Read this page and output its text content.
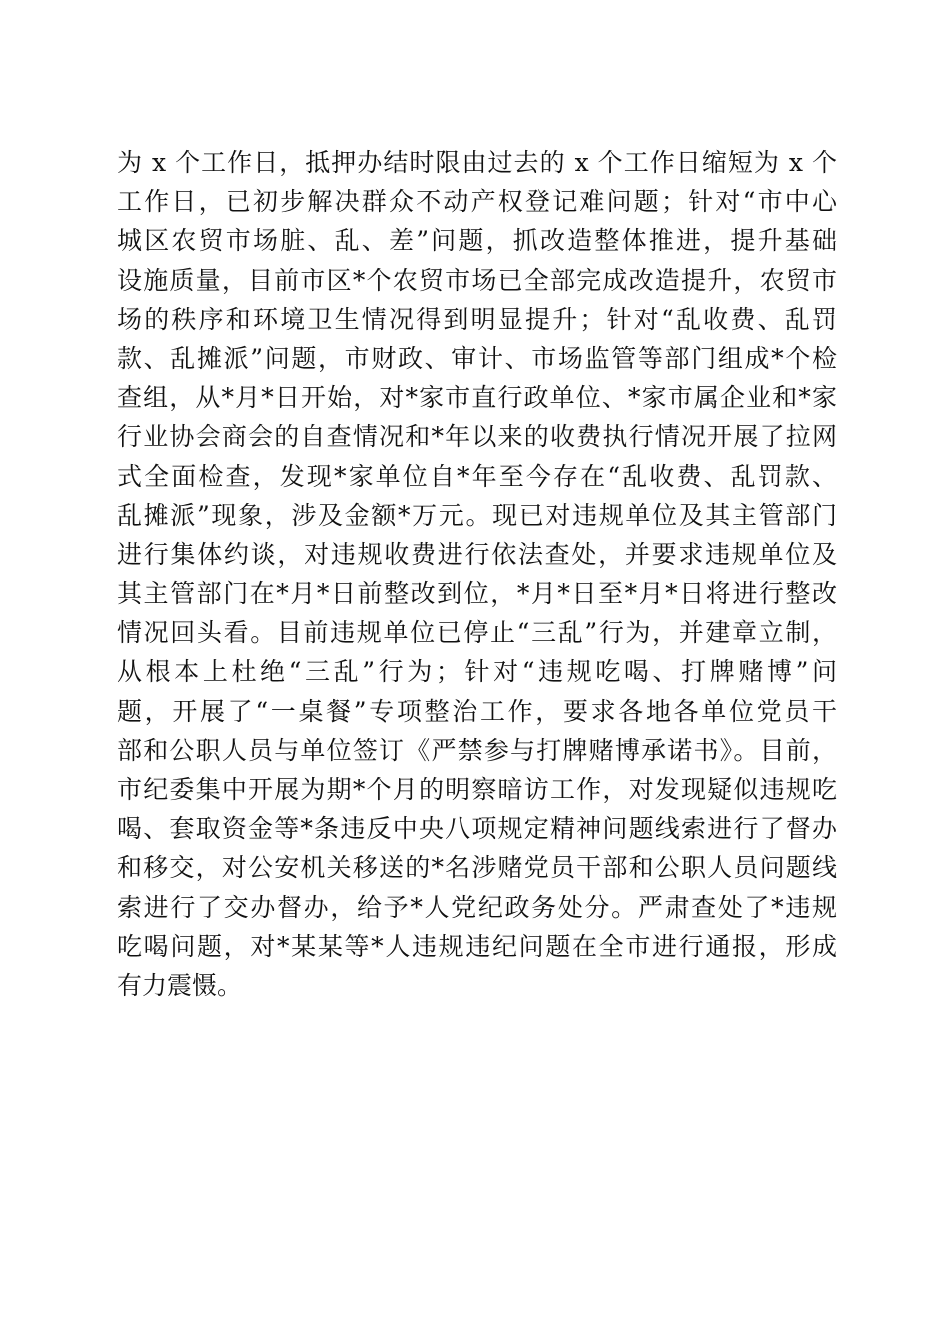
为 x 个工作日，抵押办结时限由过去的 x 个工作日缩短为 x 个
工作日，已初步解决群众不动产权登记难问题；针对“市中心
城区农贸市场脏、乱、差”问题，抓改造整体推进，提升基础
设施质量，目前市区*个农贸市场已全部完成改造提升，农贸市
场的秩序和环境卫生情况得到明显提升；针对“乱收费、乱罚
款、乱摊派”问题，市财政、审计、市场监管等部门组成*个检
查组，从*月*日开始，对*家市直行政单位、*家市属企业和*家
行业协会商会的自查情况和*年以来的收费执行情况开展了拉网
式全面检查，发现*家单位自*年至今存在“乱收费、乱罚款、
乱摊派”现象，涉及金额*万元。现已对违规单位及其主管部门
进行集体约谈，对违规收费进行依法查处，并要求违规单位及
其主管部门在*月*日前整改到位，*月*日至*月*日将进行整改
情况回头看。目前违规单位已停止“三乱”行为，并建章立制，
从根本上杜绝“三乱”行为；针对“违规吃喝、打牌赌博”问
题，开展了“一桌餐”专项整治工作，要求各地各单位党员干
部和公职人员与单位签订《严禁参与打牌赌博承诺书》。目前，
市纪委集中开展为期*个月的明察暗访工作，对发现疑似违规吃
喝、套取资金等*条违反中央八项规定精神问题线索进行了督办
和移交，对公安机关移送的*名涉赌党员干部和公职人员问题线
索进行了交办督办，给予*人党纪政务处分。严肃查处了*违规
吃喝问题，对*某某等*人违规违纪问题在全市进行通报，形成
有力震慑。
